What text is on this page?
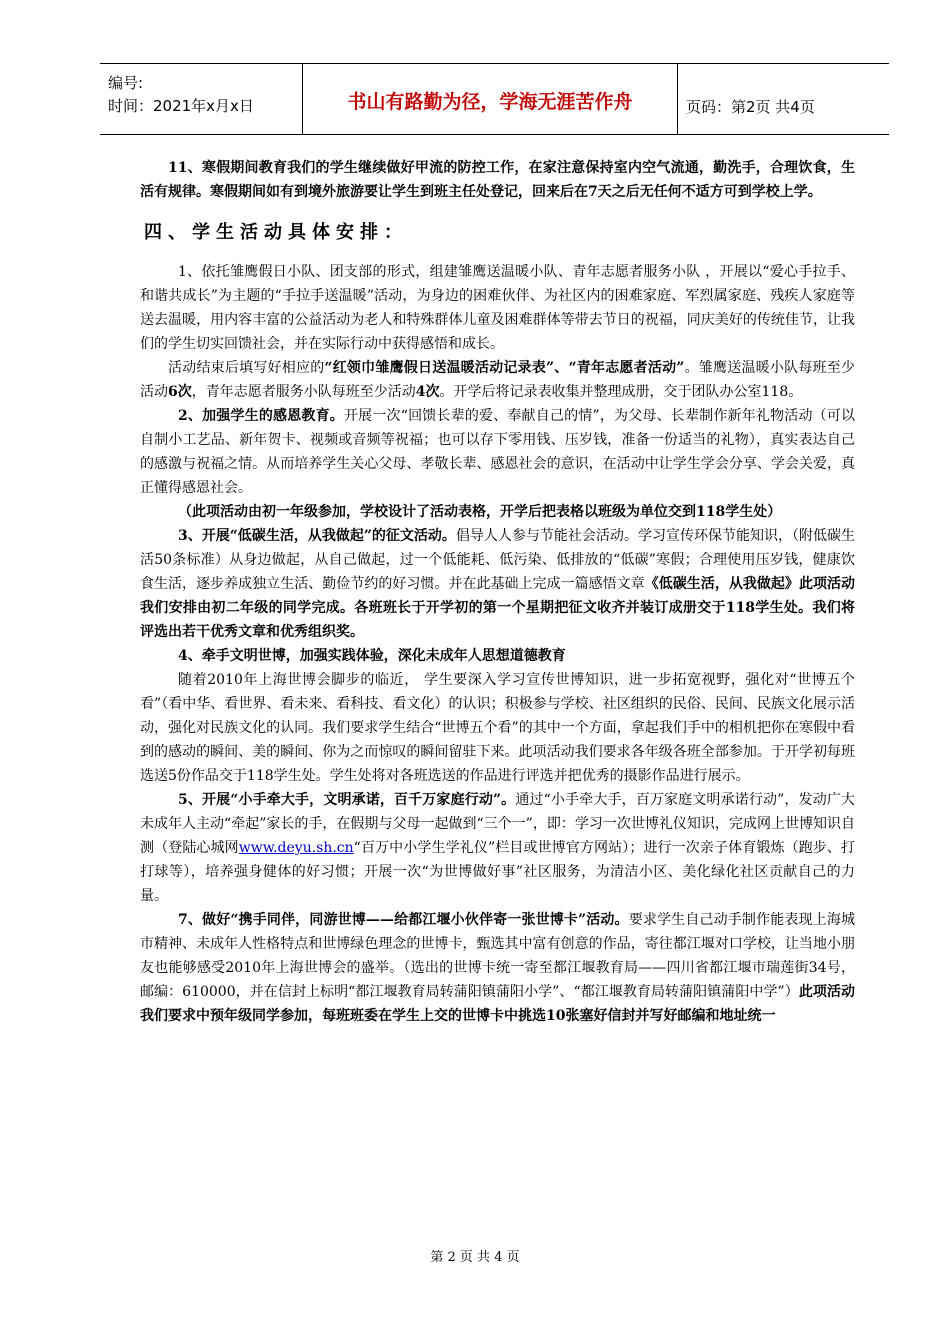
编号:
时间：2021年x月x日	书山有路勤为径，学海无涯苦作舟	页码：第2页 共4页

11、寒假期间教育我们的学生继续做好甲流的防控工作，在家注意保持室内空气流通，勤洗手，合理饮食，生活有规律。寒假期间如有到境外旅游要让学生到班主任处登记，回来后在7天之后无任何不适方可到学校上学。

四、学生活动具体安排：

1、依托雏鹰假日小队、团支部的形式，组建雏鹰送温暖小队、青年志愿者服务小队 ，开展以“爱心手拉手、和谐共成长”为主题的“手拉手送温暖”活动，为身边的困难伙伴、为社区内的困难家庭、军烈属家庭、残疾人家庭等送去温暖，用内容丰富的公益活动为老人和特殊群体儿童及困难群体等带去节日的祝福，同庆美好的传统佳节，让我们的学生切实回馈社会，并在实际行动中获得感悟和成长。

活动结束后填写好相应的“红领巾雏鹰假日送温暖活动记录表”、“青年志愿者活动”。雏鹰送温暖小队每班至少活动6次，青年志愿者服务小队每班至少活动4次。开学后将记录表收集并整理成册，交于团队办公室118。

2、加强学生的感恩教育。开展一次“回馈长辈的爱、奉献自己的情”，为父母、长辈制作新年礼物活动（可以自制小工艺品、新年贺卡、视频或音频等祝福；也可以存下零用钱、压岁钱，准备一份适当的礼物），真实表达自己的感激与祝福之情。从而培养学生关心父母、孝敬长辈、感恩社会的意识，在活动中让学生学会分享、学会关爱，真正懂得感恩社会。

（此项活动由初一年级参加，学校设计了活动表格，开学后把表格以班级为单位交到118学生处）

3、开展“低碳生活，从我做起”的征文活动。倡导人人参与节能社会活动。学习宣传环保节能知识，（附低碳生活50条标准）从身边做起，从自己做起，过一个低能耗、低污染、低排放的“低碳”寒假；合理使用压岁钱，健康饮食生活，逐步养成独立生活、勤俭节约的好习惯。并在此基础上完成一篇感悟文章《低碳生活，从我做起》此项活动我们安排由初二年级的同学完成。各班班长于开学初的第一个星期把征文收齐并装订成册交于118学生处。我们将评选出若干优秀文章和优秀组织奖。

4、牵手文明世博，加强实践体验，深化未成年人思想道德教育

随着2010年上海世博会脚步的临近， 学生要深入学习宣传世博知识，进一步拓宽视野，强化对“世博五个看”（看中华、看世界、看未来、看科技、看文化）的认识；积极参与学校、社区组织的民俗、民间、民族文化展示活动，强化对民族文化的认同。我们要求学生结合“世博五个看”的其中一个方面，拿起我们手中的相机把你在寒假中看到的感动的瞬间、美的瞬间、你为之而惊叹的瞬间留驻下来。此项活动我们要求各年级各班全部参加。于开学初每班选送5份作品交于118学生处。学生处将对各班选送的作品进行评选并把优秀的摄影作品进行展示。

5、开展“小手牵大手，文明承诺，百千万家庭行动”。通过“小手牵大手，百万家庭文明承诺行动”，发动广大未成年人主动“牵起”家长的手，在假期与父母一起做到“三个一”，即：学习一次世博礼仪知识，完成网上世博知识自测（登陆心城网www.deyu.sh.cn“百万中小学生学礼仪”栏目或世博官方网站）；进行一次亲子体育锻炼（跑步、打打球等），培养强身健体的好习惯；开展一次“为世博做好事”社区服务，为清洁小区、美化绿化社区贡献自己的力量。

7、做好“携手同伴，同游世博——给都江堰小伙伴寄一张世博卡”活动。要求学生自己动手制作能表现上海城市精神、未成年人性格特点和世博绿色理念的世博卡，甄选其中富有创意的作品，寄往都江堰对口学校，让当地小朋友也能够感受2010年上海世博会的盛举。（选出的世博卡统一寄至都江堰教育局——四川省都江堰市瑞莲街34号，邮编：610000，并在信封上标明“都江堰教育局转蒲阳镇蒲阳小学”、“都江堰教育局转蒲阳镇蒲阳中学”）此项活动我们要求中预年级同学参加，每班班委在学生上交的世博卡中挑选10张塞好信封并写好邮编和地址统一

第 2 页 共 4 页
